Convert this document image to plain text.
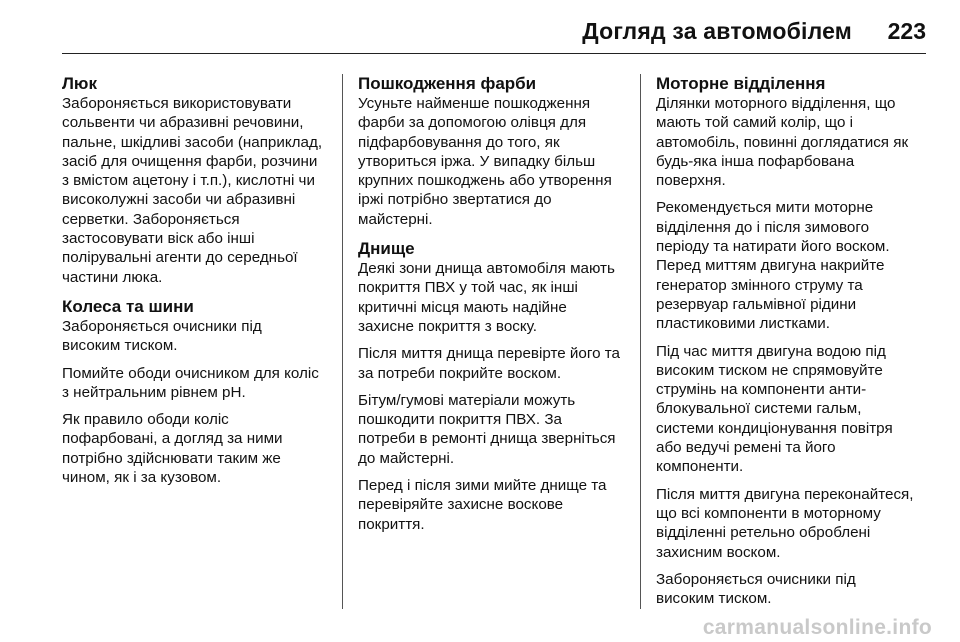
Догляд за автомобілем 223

Люк

Забороняється використовувати сольвенти чи абразивні речовини, пальне, шкідливі засоби (наприклад, засіб для очищення фарби, розчини з вмістом ацетону і т.п.), кислотні чи високолужні засоби чи абразивні серветки. Забороняється застосовувати віск або інші полірувальні агенти до середньої частини люка.

Колеса та шини

Забороняється очисники під високим тиском.

Помийте ободи очисником для коліс з нейтральним рівнем pH.

Як правило ободи коліс пофарбовані, а догляд за ними потрібно здійснювати таким же чином, як і за кузовом.

Пошкодження фарби

Усуньте найменше пошкодження фарби за допомогою олівця для підфарбовування до того, як утвориться іржа. У випадку більш крупних пошкоджень або утворення іржі потрібно звертатися до майстерні.

Днище

Деякі зони днища автомобіля мають покриття ПВХ у той час, як інші критичні місця мають надійне захисне покриття з воску.

Після миття днища перевірте його та за потреби покрийте воском.

Бітум/гумові матеріали можуть пошкодити покриття ПВХ. За потреби в ремонті днища зверніться до майстерні.

Перед і після зими мийте днище та перевіряйте захисне воскове покриття.

Моторне відділення

Ділянки моторного відділення, що мають той самий колір, що і автомобіль, повинні доглядатися як будь-яка інша пофарбована поверхня.

Рекомендується мити моторне відділення до і після зимового періоду та натирати його воском. Перед миттям двигуна накрийте генератор змінного струму та резервуар гальмівної рідини пластиковими листками.

Під час миття двигуна водою під високим тиском не спрямовуйте струмінь на компоненти анти-блокувальної системи гальм, системи кондиціонування повітря або ведучі ремені та його компоненти.

Після миття двигуна переконайтеся, що всі компоненти в моторному відділенні ретельно оброблені захисним воском.

Забороняється очисники під високим тиском.

carmanualsonline.info
